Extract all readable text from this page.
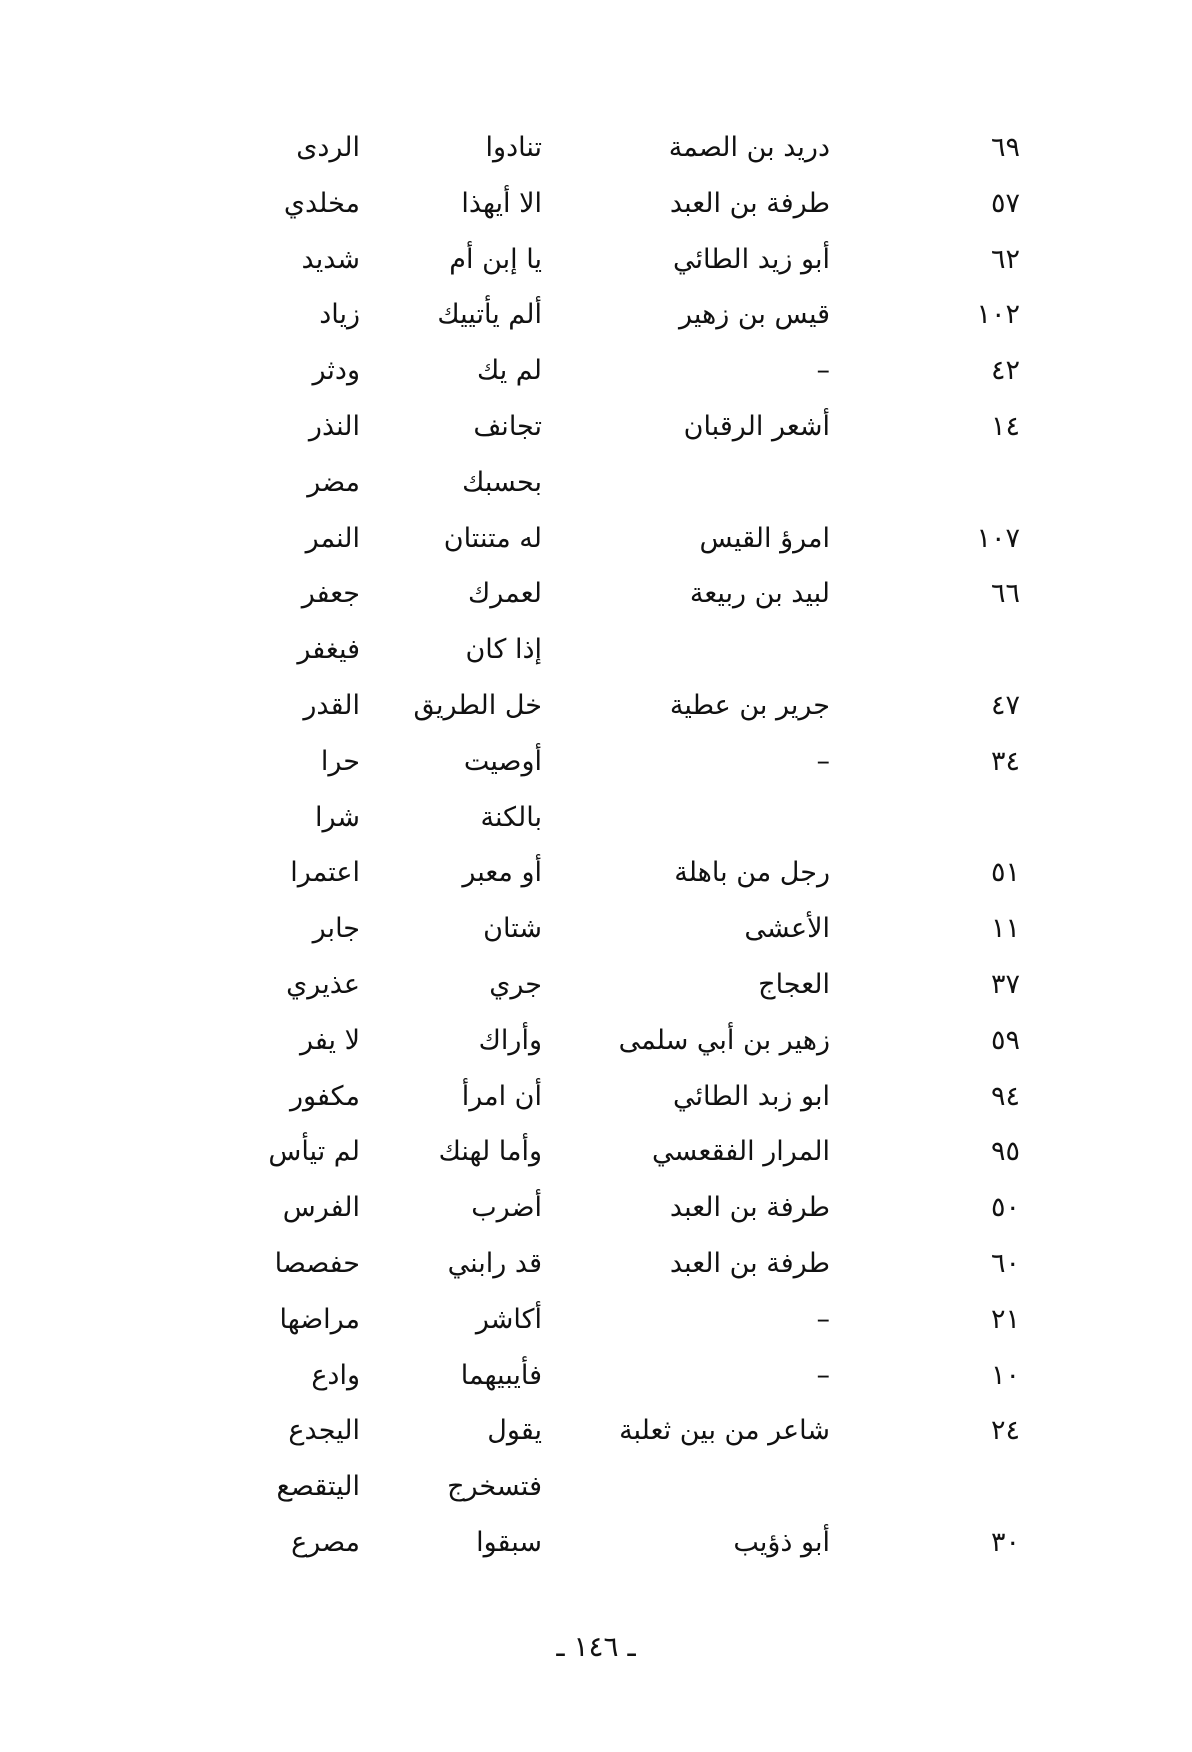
٦٩
دريد بن الصمة
تنادوا
الردى
٥٧
طرفة بن العبد
الا أيهذا
مخلدي
٦٢
أبو زيد الطائي
يا إبن أم
شديد
١٠٢
قيس بن زهير
ألم يأتييك
زياد
٤٢
–
لم يك
ودثر
١٤
أشعر الرقبان
تجانف
النذر
بحسبك
مضر
١٠٧
امرؤ القيس
له متنتان
النمر
٦٦
لبيد بن ربيعة
لعمرك
جعفر
إذا كان
فيغفر
٤٧
جرير بن عطية
خل الطريق
القدر
٣٤
–
أوصيت
حرا
بالكنة
شرا
٥١
رجل من باهلة
أو معبر
اعتمرا
١١
الأعشى
شتان
جابر
٣٧
العجاج
جري
عذيري
٥٩
زهير بن أبي سلمى
وأراك
لا يفر
٩٤
ابو زبد الطائي
أن امرأ
مكفور
٩٥
المرار الفقعسي
وأما لهنك
لم تيأس
٥٠
طرفة بن العبد
أضرب
الفرس
٦٠
طرفة بن العبد
قد رابني
حفصصا
٢١
–
أكاشر
مراضها
١٠
–
فأيبيهما
وادع
٢٤
شاعر من بين ثعلبة
يقول
اليجدع
فتسخرج
اليتقصع
٣٠
أبو ذؤيب
سبقوا
مصرع
ـ ١٤٦ ـ
